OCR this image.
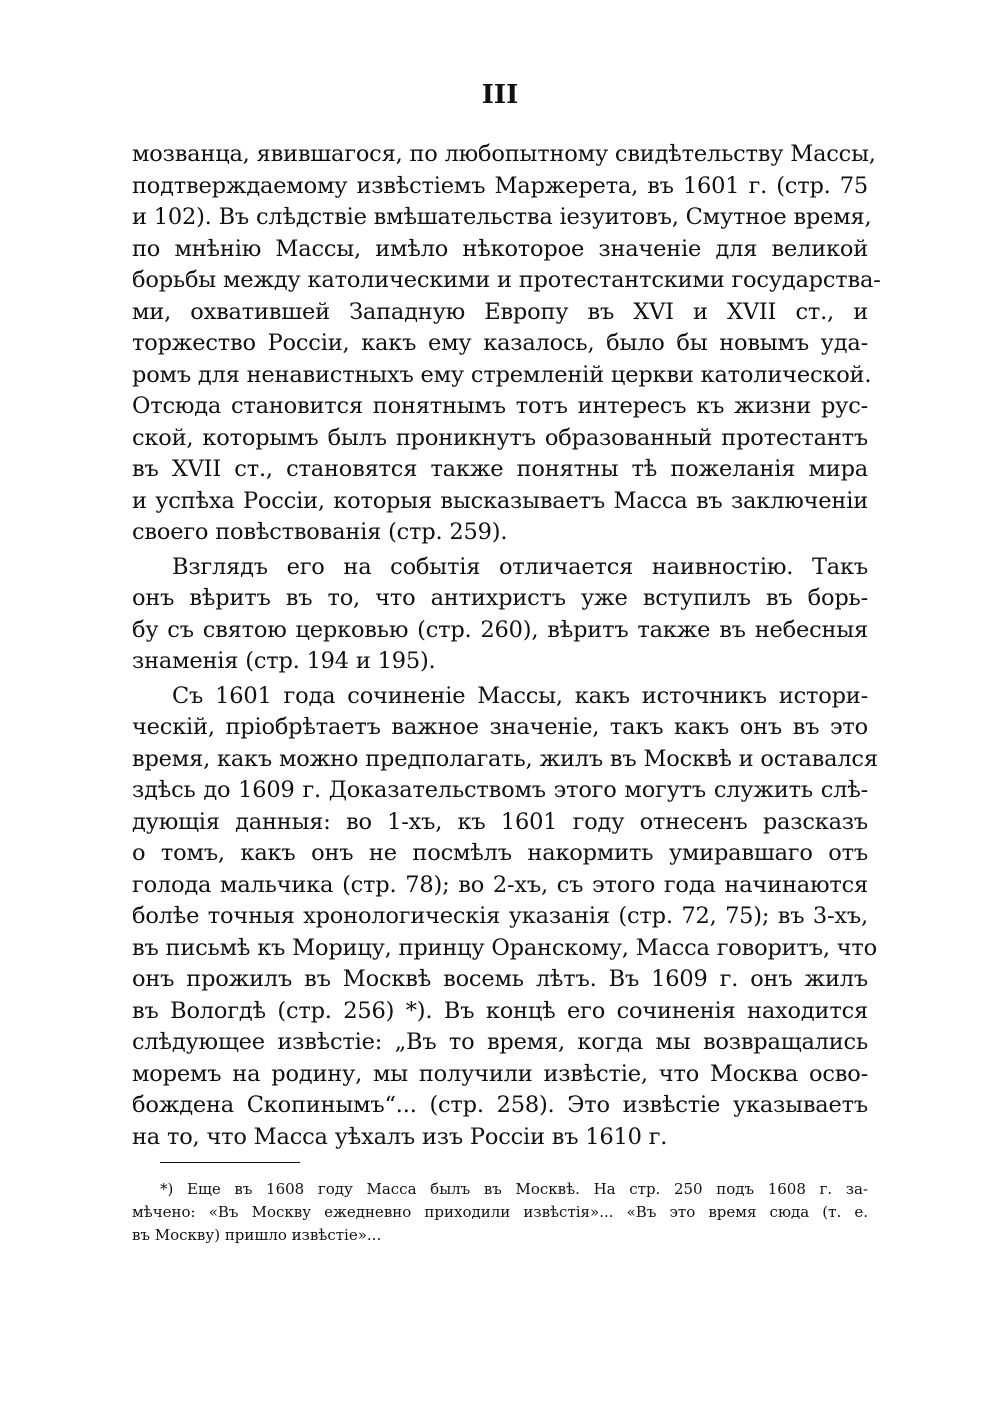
III
мозванца, явившагося, по любопытному свидѣтельству Массы,
подтверждаемому извѣстіемъ Маржерета, въ 1601 г. (стр. 75
и 102). Въ слѣдствіе вмѣшательства іезуитовъ, Смутное время,
по мнѣнію Массы, имѣло нѣкоторое значеніе для великой
борьбы между католическими и протестантскими государства-
ми, охватившей Западную Европу въ XVI и XVII ст., и
торжество Россіи, какъ ему казалось, было бы новымъ уда-
ромъ для ненавистныхъ ему стремленій церкви католической.
Отсюда становится понятнымъ тотъ интересъ къ жизни рус-
ской, которымъ былъ проникнутъ образованный протестантъ
въ XVII ст., становятся также понятны тѣ пожеланія мира
и успѣха Россіи, которыя высказываетъ Масса въ заключеніи
своего повѣствованія (стр. 259).
Взглядъ его на событія отличается наивностію. Такъ
онъ вѣритъ въ то, что антихристъ уже вступилъ въ борь-
бу съ святою церковью (стр. 260), вѣритъ также въ небесныя
знаменія (стр. 194 и 195).
Съ 1601 года сочиненіе Массы, какъ источникъ истори-
ческій, пріобрѣтаетъ важное значеніе, такъ какъ онъ въ это
время, какъ можно предполагать, жилъ въ Москвѣ и оставался
здѣсь до 1609 г. Доказательствомъ этого могутъ служить слѣ-
дующія данныя: во 1-хъ, къ 1601 году отнесенъ разсказъ
о томъ, какъ онъ не посмѣлъ накормить умиравшаго отъ
голода мальчика (стр. 78); во 2-хъ, съ этого года начинаются
болѣе точныя хронологическія указанія (стр. 72, 75); въ 3-хъ,
въ письмѣ къ Морицу, принцу Оранскому, Масса говоритъ, что
онъ прожилъ въ Москвѣ восемь лѣтъ. Въ 1609 г. онъ жилъ
въ Вологдѣ (стр. 256) *). Въ концѣ его сочиненія находится
слѣдующее извѣстіе: „Въ то время, когда мы возвращались
моремъ на родину, мы получили извѣстіе, что Москва осво-
бождена Скопинымъ“... (стр. 258). Это извѣстіе указываетъ
на то, что Масса уѣхалъ изъ Россіи въ 1610 г.
*) Еще въ 1608 году Масса былъ въ Москвѣ. На стр. 250 подъ 1608 г. за-
мѣчено: «Въ Москву ежедневно приходили извѣстія»... «Въ это время сюда (т. е.
въ Москву) пришло извѣстіе»...
